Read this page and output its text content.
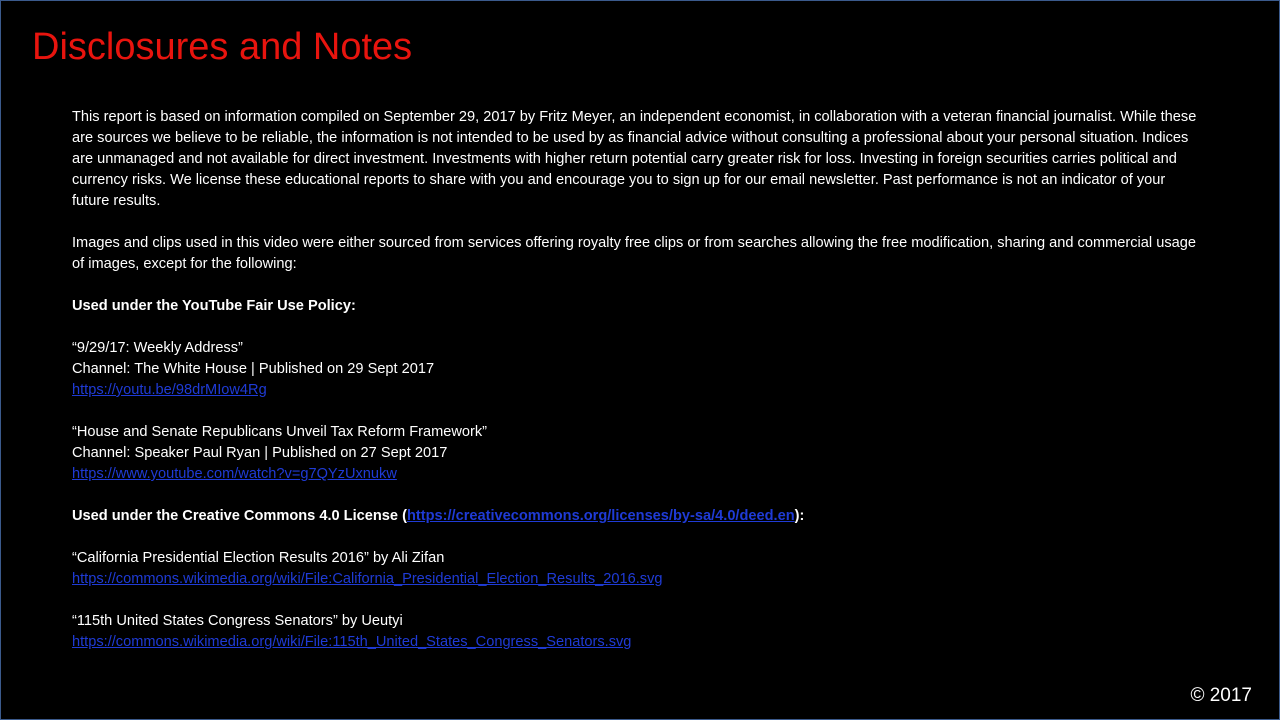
Disclosures and Notes

This report is based on information compiled on September 29, 2017 by Fritz Meyer, an independent economist, in collaboration with a veteran financial journalist. While these are sources we believe to be reliable, the information is not intended to be used by as financial advice without consulting a professional about your personal situation. Indices are unmanaged and not available for direct investment. Investments with higher return potential carry greater risk for loss. Investing in foreign securities carries political and currency risks. We license these educational reports to share with you and encourage you to sign up for our email newsletter. Past performance is not an indicator of your future results.

Images and clips used in this video were either sourced from services offering royalty free clips or from searches allowing the free modification, sharing and commercial usage of images, except for the following:

Used under the YouTube Fair Use Policy:

“9/29/17: Weekly Address”
Channel: The White House | Published on 29 Sept 2017
https://youtu.be/98drMIow4Rg
“House and Senate Republicans Unveil Tax Reform Framework”
Channel: Speaker Paul Ryan | Published on 27 Sept 2017
https://www.youtube.com/watch?v=g7QYzUxnukw

Used under the Creative Commons 4.0 License (https://creativecommons.org/licenses/by-sa/4.0/deed.en):

“California Presidential Election Results 2016” by Ali Zifan
https://commons.wikimedia.org/wiki/File:California_Presidential_Election_Results_2016.svg
“115th United States Congress Senators” by Ueutyi
https://commons.wikimedia.org/wiki/File:115th_United_States_Congress_Senators.svg
© 2017
